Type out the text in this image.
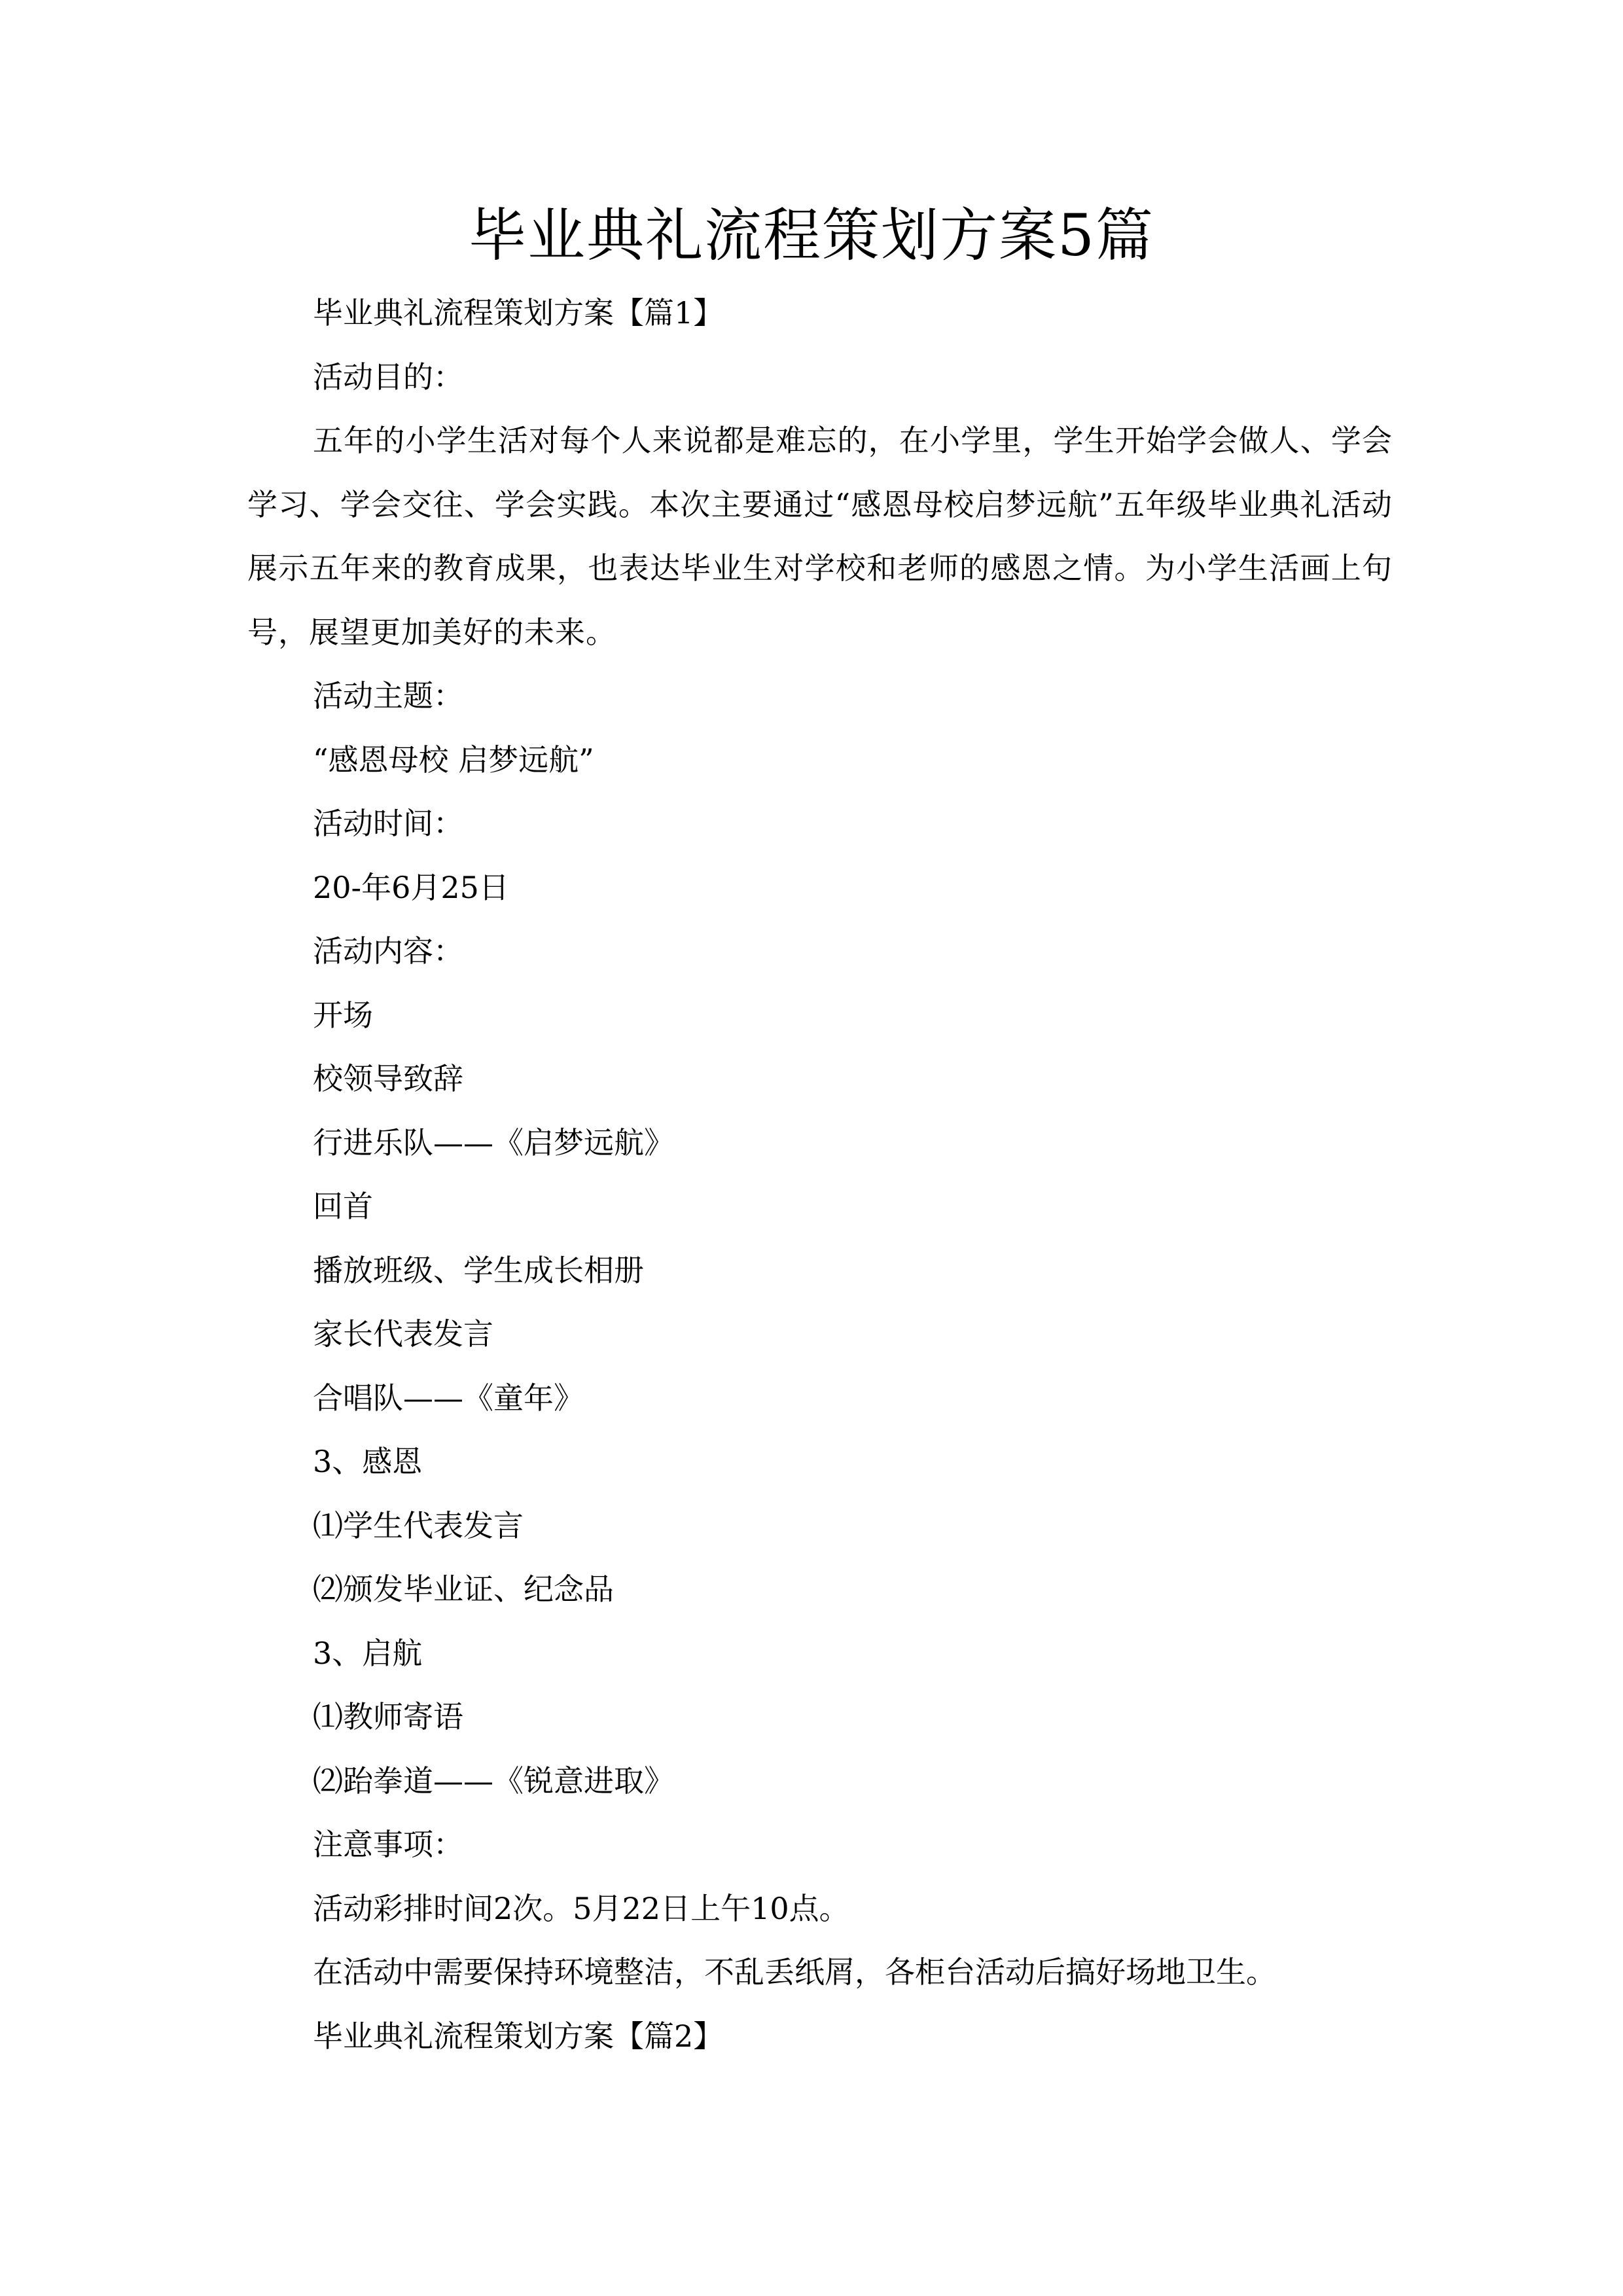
毕业典礼流程策划方案5篇
毕业典礼流程策划方案【篇1】
活动目的：
五年的小学生活对每个人来说都是难忘的，在小学里，学生开始学会做人、学会学习、学会交往、学会实践。本次主要通过“感恩母校启梦远航”五年级毕业典礼活动展示五年来的教育成果，也表达毕业生对学校和老师的感恩之情。为小学生活画上句号，展望更加美好的未来。
活动主题：
“感恩母校 启梦远航”
活动时间：
20-年6月25日
活动内容：
开场
校领导致辞
行进乐队——《启梦远航》
回首
播放班级、学生成长相册
家长代表发言
合唱队——《童年》
3、感恩
⑴学生代表发言
⑵颁发毕业证、纪念品
3、启航
⑴教师寄语
⑵跆拳道——《锐意进取》
注意事项：
活动彩排时间2次。5月22日上午10点。
在活动中需要保持环境整洁，不乱丢纸屑，各柜台活动后搞好场地卫生。
毕业典礼流程策划方案【篇2】
